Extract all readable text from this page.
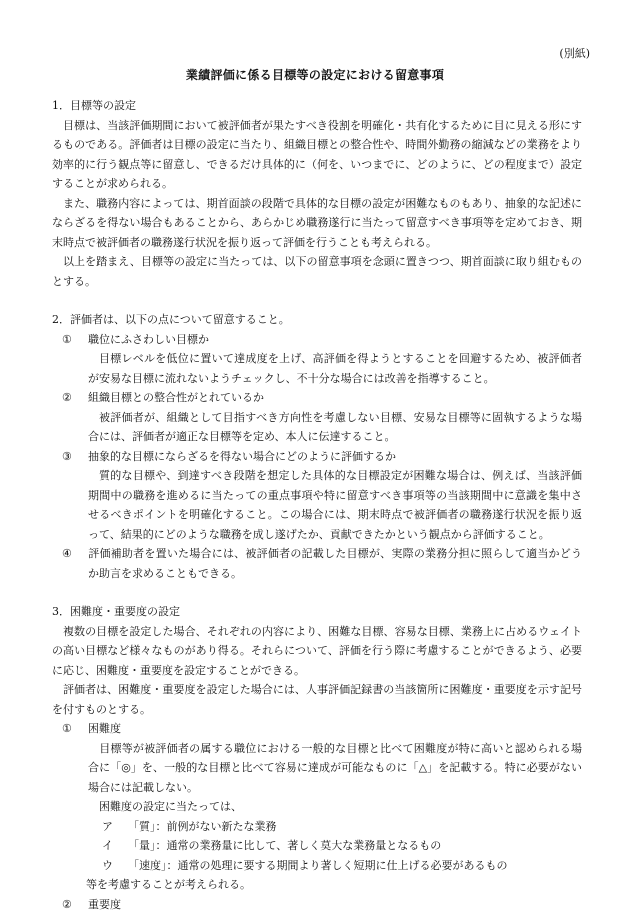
(別紙)
業績評価に係る目標等の設定における留意事項

1．目標等の設定

目標は、当該評価期間において被評価者が果たすべき役割を明確化・共有化するために目に見える形にするものである。評価者は目標の設定に当たり、組織目標との整合性や、時間外勤務の縮減などの業務をより効率的に行う観点等に留意し、できるだけ具体的に（何を、いつまでに、どのように、どの程度まで）設定することが求められる。

また、職務内容によっては、期首面談の段階で具体的な目標の設定が困難なものもあり、抽象的な記述にならざるを得ない場合もあることから、あらかじめ職務遂行に当たって留意すべき事項等を定めておき、期末時点で被評価者の職務遂行状況を振り返って評価を行うことも考えられる。

以上を踏まえ、目標等の設定に当たっては、以下の留意事項を念頭に置きつつ、期首面談に取り組むものとする。

2．評価者は、以下の点について留意すること。

① 職位にふさわしい目標か

目標レベルを低位に置いて達成度を上げ、高評価を得ようとすることを回避するため、被評価者が安易な目標に流れないようチェックし、不十分な場合には改善を指導すること。

② 組織目標との整合性がとれているか

被評価者が、組織として目指すべき方向性を考慮しない目標、安易な目標等に固執するような場合には、評価者が適正な目標等を定め、本人に伝達すること。

③ 抽象的な目標にならざるを得ない場合にどのように評価するか

質的な目標や、到達すべき段階を想定した具体的な目標設定が困難な場合は、例えば、当該評価期間中の職務を進めるに当たっての重点事項や特に留意すべき事項等の当該期間中に意識を集中させるべきポイントを明確化すること。この場合には、期末時点で被評価者の職務遂行状況を振り返って、結果的にどのような職務を成し遂げたか、貢献できたかという観点から評価すること。

④ 評価補助者を置いた場合には、被評価者の記載した目標が、実際の業務分担に照らして適当かどうか助言を求めることもできる。

3．困難度・重要度の設定

複数の目標を設定した場合、それぞれの内容により、困難な目標、容易な目標、業務上に占めるウェイトの高い目標など様々なものがあり得る。それらについて、評価を行う際に考慮することができるよう、必要に応じ、困難度・重要度を設定することができる。

評価者は、困難度・重要度を設定した場合には、人事評価記録書の当該箇所に困難度・重要度を示す記号を付すものとする。

① 困難度

目標等が被評価者の属する職位における一般的な目標と比べて困難度が特に高いと認められる場合に「◎」を、一般的な目標と比べて容易に達成が可能なものに「△」を記載する。特に必要がない場合には記載しない。

困難度の設定に当たっては、

ア 「質」：前例がない新たな業務
イ 「量」：通常の業務量に比して、著しく莫大な業務量となるもの
ウ 「速度」：通常の処理に要する期間より著しく短期に仕上げる必要があるもの

等を考慮することが考えられる。

② 重要度
